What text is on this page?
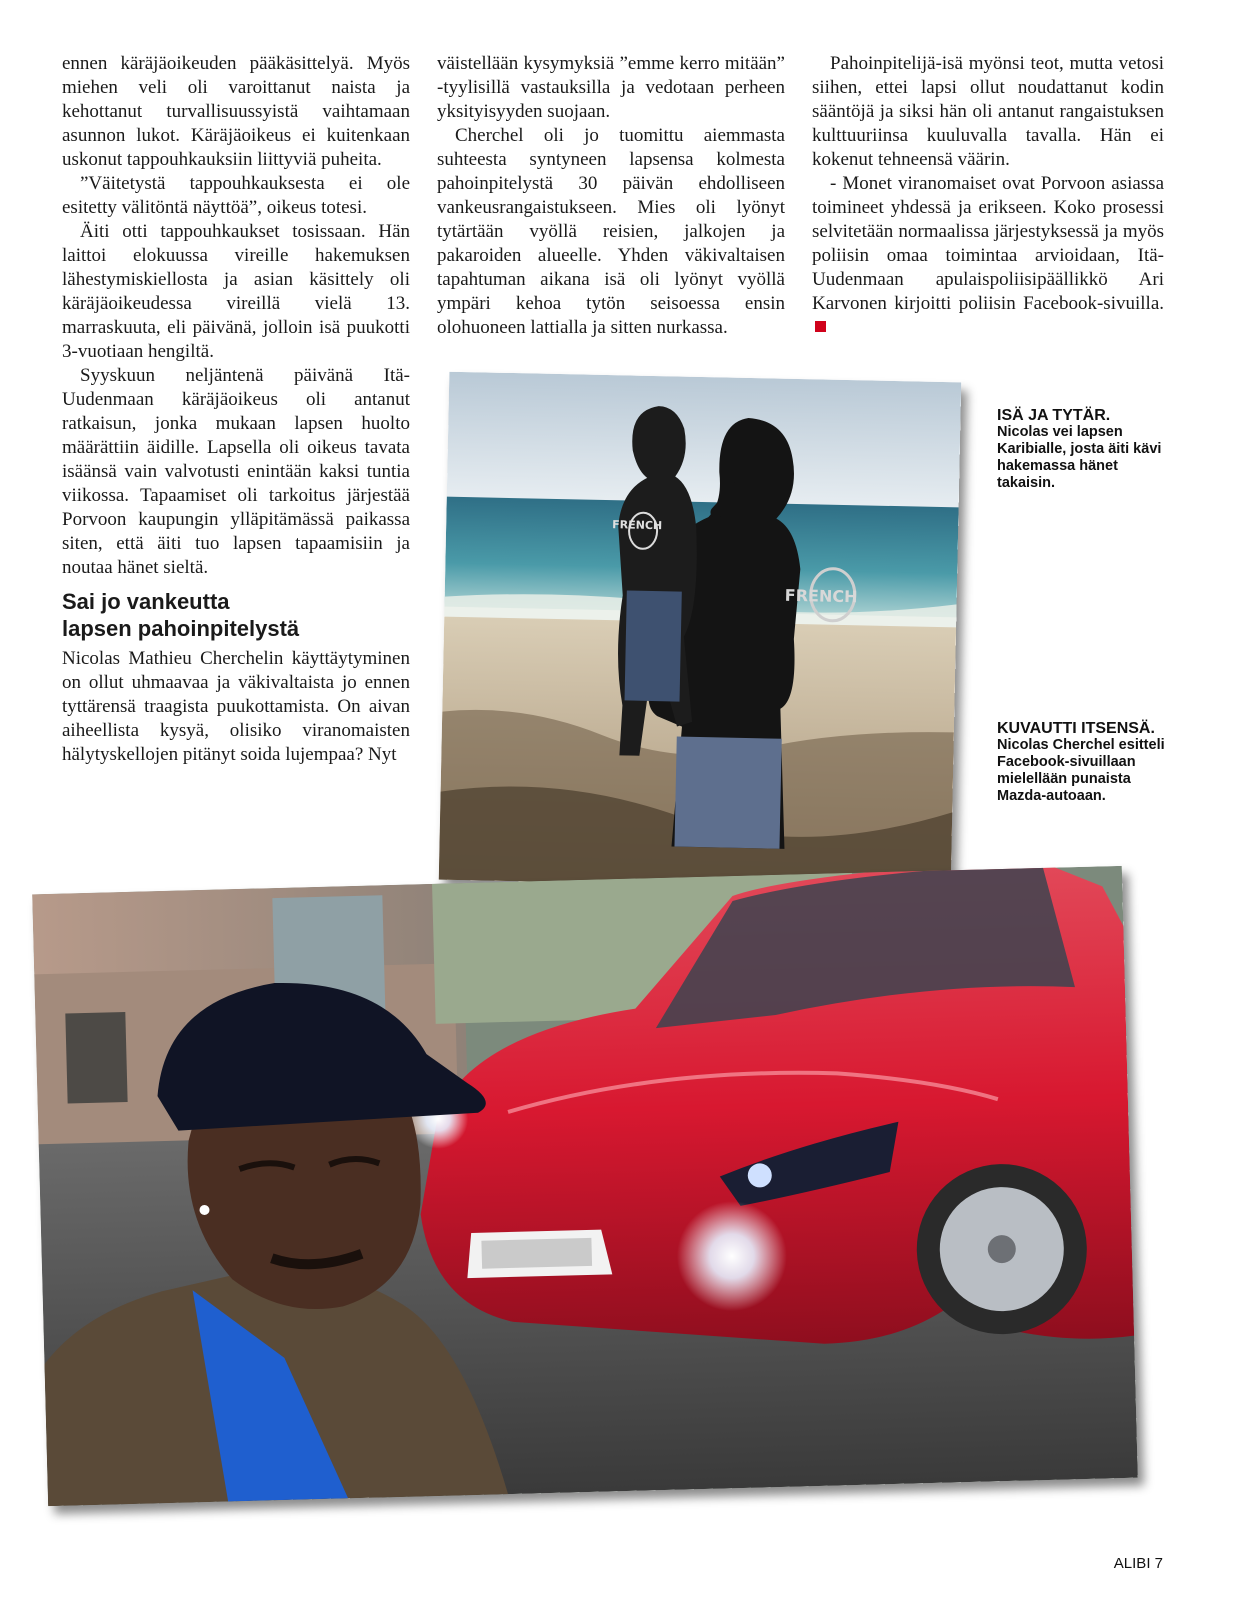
ennen käräjäoikeuden pääkäsittelyä. Myös miehen veli oli varoittanut naista ja kehottanut turvallisuussyistä vaihtamaan asunnon lukot. Käräjäoikeus ei kuitenkaan uskonut tappouhkauksiin liittyviä puheita.

”Väitetystä tappouhkauksesta ei ole esitetty välitöntä näyttöä”, oikeus totesi.

Äiti otti tappouhkaukset tosissaan. Hän laittoi elokuussa vireille hakemuksen lähestymiskiellosta ja asian käsittely oli käräjäoikeudessa vireillä vielä 13. marraskuuta, eli päivänä, jolloin isä puukotti 3-vuotiaan hengiltä.

Syyskuun neljäntenä päivänä Itä-Uudenmaan käräjäoikeus oli antanut ratkaisun, jonka mukaan lapsen huolto määrättiin äidille. Lapsella oli oikeus tavata isäänsä vain valvotusti enintään kaksi tuntia viikossa. Tapaamiset oli tarkoitus järjestää Porvoon kaupungin ylläpitämässä paikassa siten, että äiti tuo lapsen tapaamisiin ja noutaa hänet sieltä.

Sai jo vankeutta
lapsen pahoinpitelystä

Nicolas Mathieu Cherchelin käyttäytyminen on ollut uhmaavaa ja väkivaltaista jo ennen tyttärensä traagista puukottamista. On aivan aiheellista kysyä, olisiko viranomaisten hälytyskellojen pitänyt soida lujempaa? Nyt

väistellään kysymyksiä ”emme kerro mitään” -tyylisillä vastauksilla ja vedotaan perheen yksityisyyden suojaan.

Cherchel oli jo tuomittu aiemmasta suhteesta syntyneen lapsensa kolmesta pahoinpitelystä 30 päivän ehdolliseen vankeusrangaistukseen. Mies oli lyönyt tytärtään vyöllä reisien, jalkojen ja pakaroiden alueelle. Yhden väkivaltaisen tapahtuman aikana isä oli lyönyt vyöllä ympäri kehoa tytön seisoessa ensin olohuoneen lattialla ja sitten nurkassa.

Pahoinpitelijä-isä myönsi teot, mutta vetosi siihen, ettei lapsi ollut noudattanut kodin sääntöjä ja siksi hän oli antanut rangaistuksen kulttuuriinsa kuuluvalla tavalla. Hän ei kokenut tehneensä väärin.

- Monet viranomaiset ovat Porvoon asiassa toimineet yhdessä ja erikseen. Koko prosessi selvitetään normaalissa järjestyksessä ja myös poliisin omaa toimintaa arvioidaan, Itä-Uudenmaan apulaispoliisipäällikkö Ari Karvonen kirjoitti poliisin Facebook-sivuilla.

FRENCH
FRENCH
ISÄ JA TYTÄR.
Nicolas vei lapsen Karibialle, josta äiti kävi hakemassa hänet takaisin.
KUVAUTTI ITSENSÄ.
Nicolas Cherchel esitteli Facebook-sivuillaan mielellään punaista Mazda-autoaan.
ALIBI 7
